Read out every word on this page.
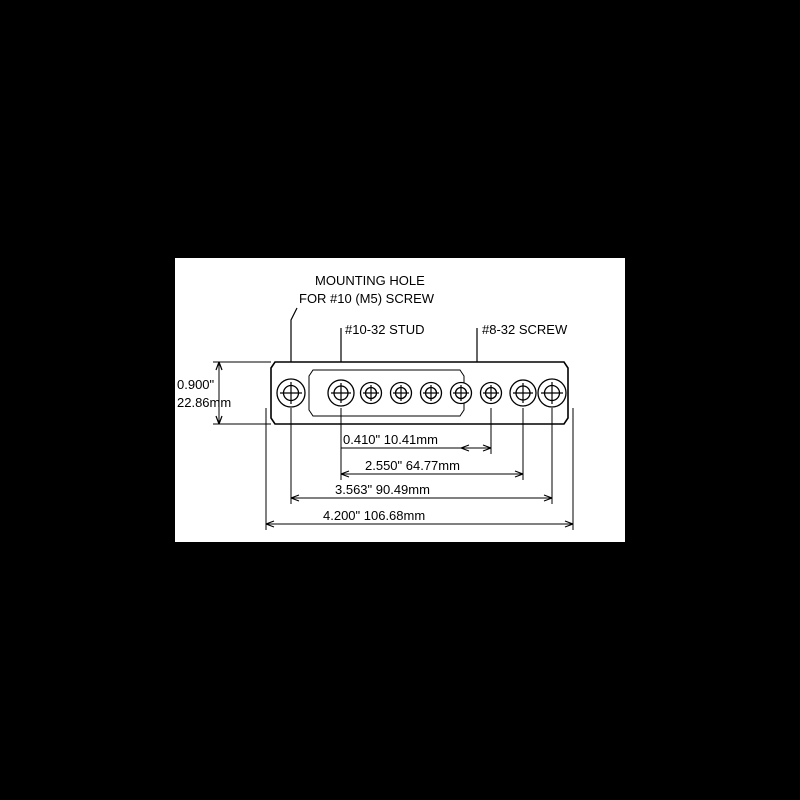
MOUNTING HOLE
FOR #10 (M5) SCREW
#10-32 STUD	#8-32 SCREW
0.900"
22.86mm
0.410" 10.41mm
2.550" 64.77mm
3.563" 90.49mm
4.200" 106.68mm
